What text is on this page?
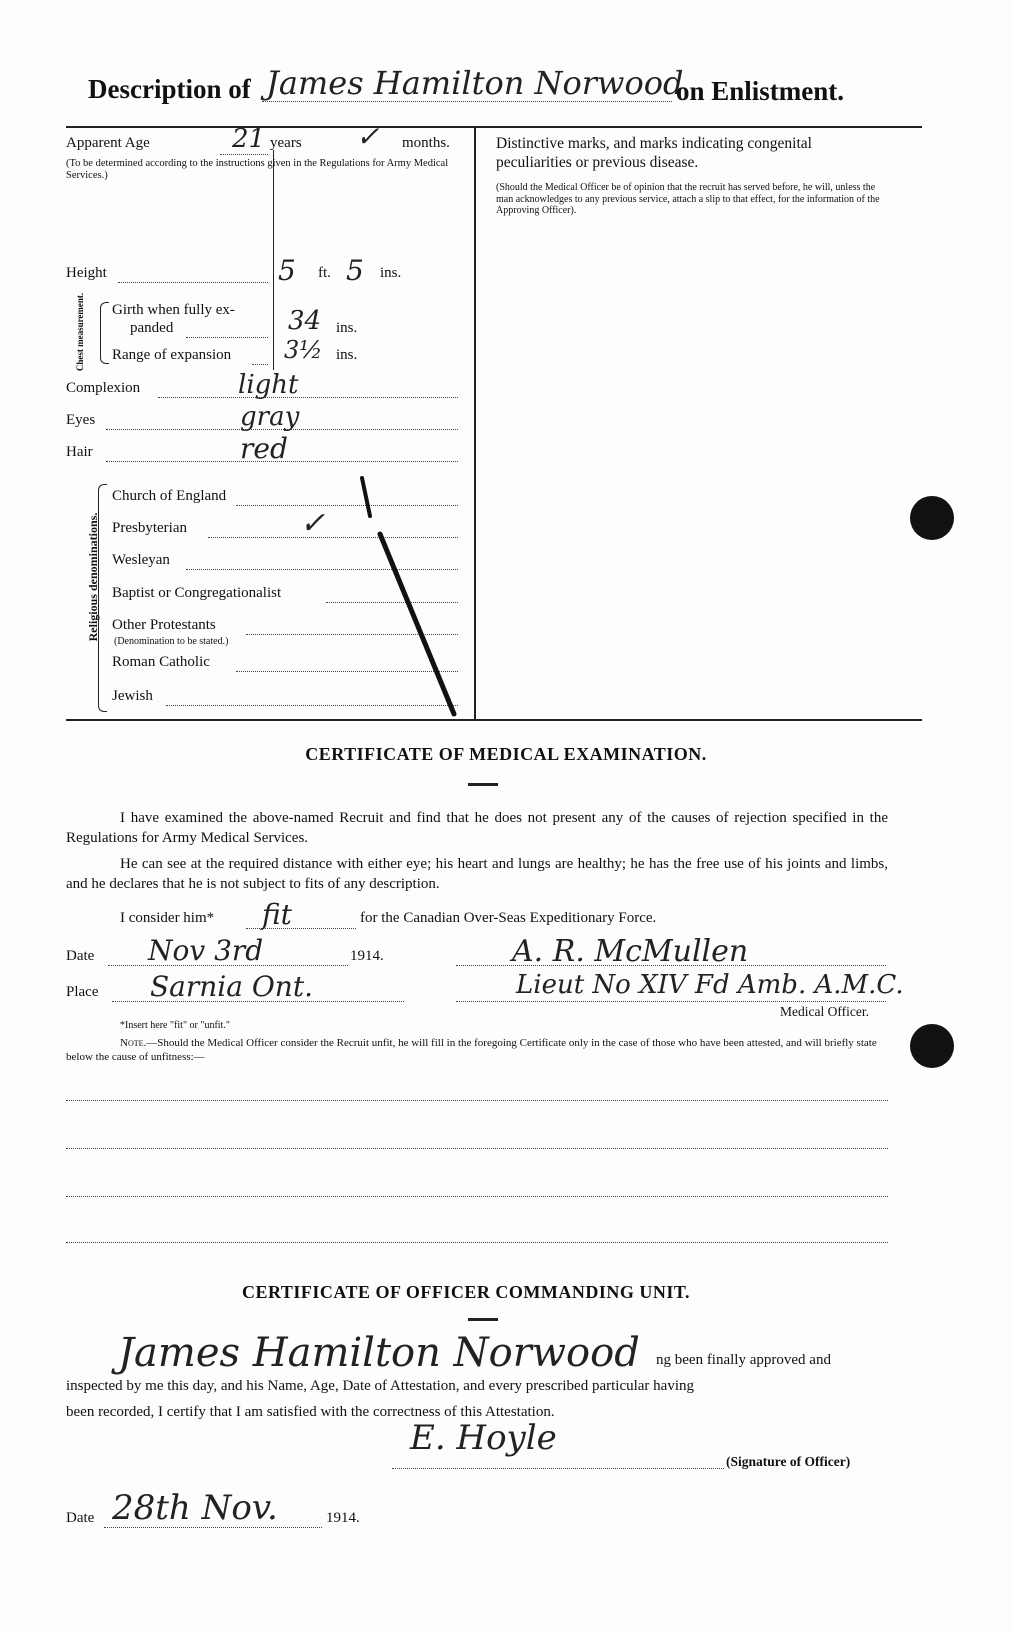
Description of James Hamilton Norwood
on Enlistment.
Apparent Age	21 years ✓ months.
(To be determined according to the instructions given in the Regulations for Army Medical Services.)
Height	5 ft. 5 ins.
Chest measurement. Girth when fully ex-
panded	34 ins.
Range of expansion 3½ ins.
Complexion	light
Eyes	gray
Hair	red
Religious denominations.
Church of England
Presbyterian	✓
Wesleyan
Baptist or Congregationalist
Other Protestants
(Denomination to be stated.)
Roman Catholic
Jewish
Distinctive marks, and marks indicating congenital peculiarities or previous disease.
(Should the Medical Officer be of opinion that the recruit has served before, he will, unless the man acknowledges to any previous service, attach a slip to that effect, for the information of the Approving Officer).
CERTIFICATE OF MEDICAL EXAMINATION.
I have examined the above-named Recruit and find that he does not present any of the causes of rejection specified in the Regulations for Army Medical Services.
He can see at the required distance with either eye; his heart and lungs are healthy; he has the free use of his joints and limbs, and he declares that he is not subject to fits of any description.
I consider him* fit	for the Canadian Over-Seas Expeditionary Force.
Date Nov 3rd	1914.	A. R. McMullen
Place Sarnia Ont.	Lieut No XIV Fd Amb. A.M.C.
Medical Officer.
*Insert here "fit" or "unfit."
Note.—Should the Medical Officer consider the Recruit unfit, he will fill in the foregoing Certificate only in the case of those who have been attested, and will briefly state below the cause of unfitness:—
CERTIFICATE OF OFFICER COMMANDING UNIT.
James Hamilton Norwood ng been finally approved and
inspected by me this day, and his Name, Age, Date of Attestation, and every prescribed particular having
been recorded, I certify that I am satisfied with the correctness of this Attestation.
E. Hoyle
(Signature of Officer)
Date 28th Nov.	1914.
